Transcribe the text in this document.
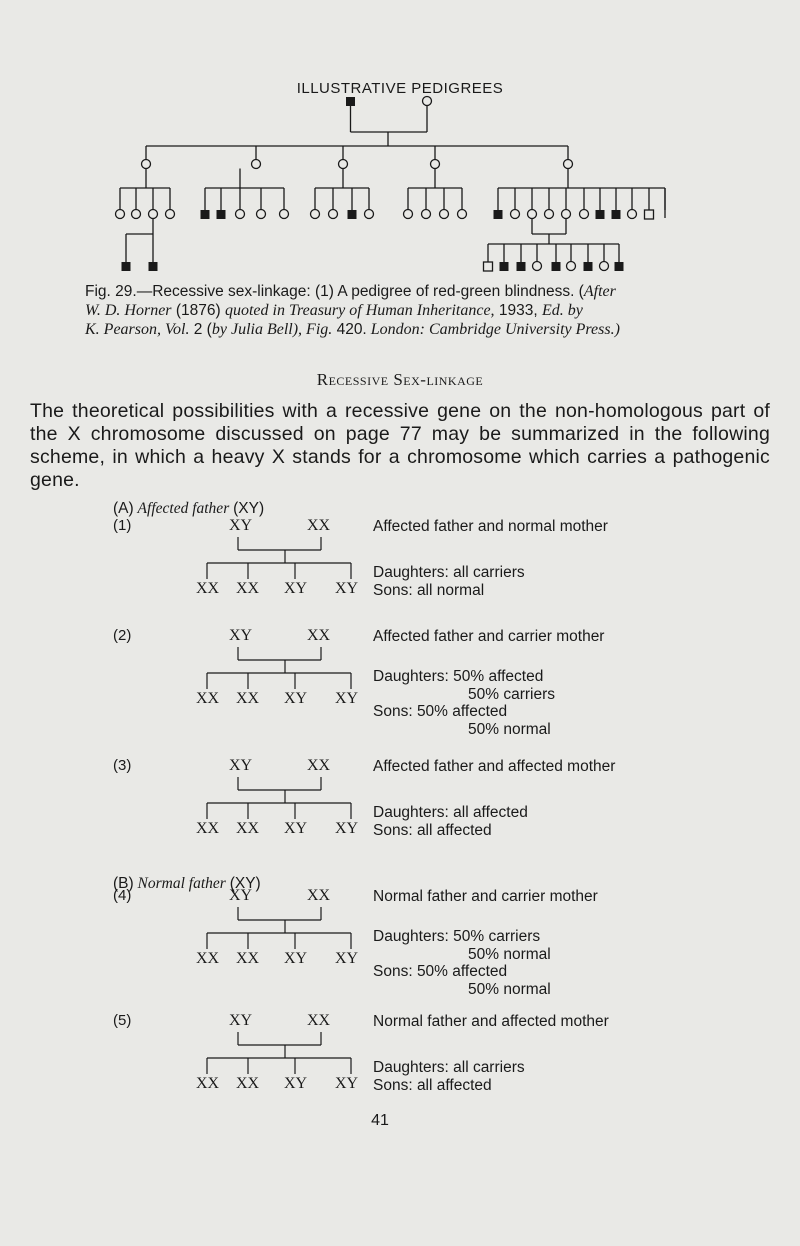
ILLUSTRATIVE PEDIGREES
Fig. 29.—Recessive sex-linkage: (1) A pedigree of red-green blindness. (After
W. D. Horner (1876) quoted in Treasury of Human Inheritance, 1933, Ed. by
K. Pearson, Vol. 2 (by Julia Bell), Fig. 420. London: Cambridge University Press.)
Recessive Sex-linkage
The theoretical possibilities with a recessive gene on the non-homologous part of the X chromosome discussed on page 77 may be summarized in the following scheme, in which a heavy X stands for a chromosome which carries a pathogenic gene.
(A) Affected father (XY)
(B) Normal father (XY)
(1)	XY	XX	Affected father and normal mother
XX XX XY XY
Daughters: all carriers
Sons: all normal
(2)	XY	XX	Affected father and carrier mother
XX XX XY XY
Daughters: 50% affected
50% carriers
Sons: 50% affected
50% normal
(3)	XY	XX	Affected father and affected mother
XX XX XY XY
Daughters: all affected
Sons: all affected
(4)	XY	XX	Normal father and carrier mother
XX XX XY XY
Daughters: 50% carriers
50% normal
Sons: 50% affected
50% normal
(5)	XY	XX	Normal father and affected mother
XX XX XY XY
Daughters: all carriers
Sons: all affected
41
